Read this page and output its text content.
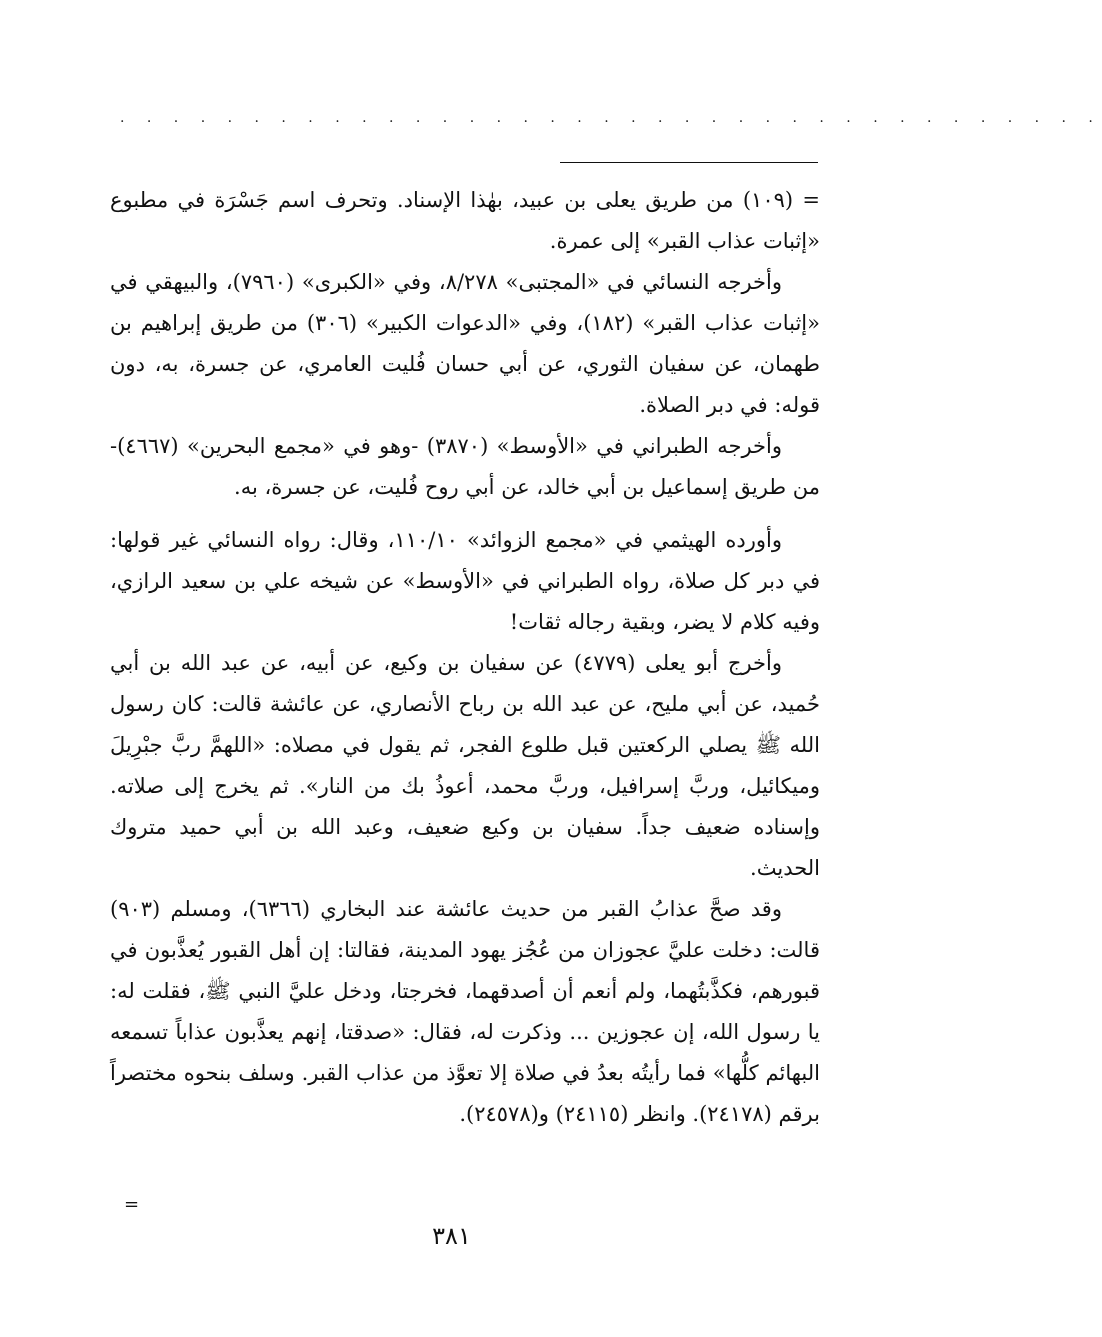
. . . . . . . . . . . . . . . . . . . . . . . . . . . . . . . . . . . . .

= (١٠٩) من طريق يعلى بن عبيد، بهٰذا الإسناد. وتحرف اسم جَسْرَة في مطبوع «إثبات عذاب القبر» إلى عمرة.

وأخرجه النسائي في «المجتبى» ٨/٢٧٨، وفي «الكبرى» (٧٩٦٠)، والبيهقي في «إثبات عذاب القبر» (١٨٢)، وفي «الدعوات الكبير» (٣٠٦) من طريق إبراهيم بن طهمان، عن سفيان الثوري، عن أبي حسان فُليت العامري، عن جسرة، به، دون قوله: في دبر الصلاة.

وأخرجه الطبراني في «الأوسط» (٣٨٧٠) -وهو في «مجمع البحرين» (٤٦٦٧)- من طريق إسماعيل بن أبي خالد، عن أبي روح فُليت، عن جسرة، به.

وأورده الهيثمي في «مجمع الزوائد» ١١٠/١٠، وقال: رواه النسائي غير قولها: في دبر كل صلاة، رواه الطبراني في «الأوسط» عن شيخه علي بن سعيد الرازي، وفيه كلام لا يضر، وبقية رجاله ثقات!

وأخرج أبو يعلى (٤٧٧٩) عن سفيان بن وكيع، عن أبيه، عن عبد الله بن أبي حُميد، عن أبي مليح، عن عبد الله بن رباح الأنصاري، عن عائشة قالت: كان رسول الله ﷺ يصلي الركعتين قبل طلوع الفجر، ثم يقول في مصلاه: «اللهمَّ ربَّ جبْرِيلَ وميكائيل، وربَّ إسرافيل، وربَّ محمد، أعوذُ بك من النار». ثم يخرج إلى صلاته. وإسناده ضعيف جداً. سفيان بن وكيع ضعيف، وعبد الله بن أبي حميد متروك الحديث.

وقد صحَّ عذابُ القبر من حديث عائشة عند البخاري (٦٣٦٦)، ومسلم (٩٠٣) قالت: دخلت عليَّ عجوزان من عُجُز يهود المدينة، فقالتا: إن أهل القبور يُعذَّبون في قبورهم، فكذَّبتُهما، ولم أنعم أن أصدقهما، فخرجتا، ودخل عليَّ النبي ﷺ، فقلت له: يا رسول الله، إن عجوزين ... وذكرت له، فقال: «صدقتا، إنهم يعذَّبون عذاباً تسمعه البهائم كلُّها» فما رأيتُه بعدُ في صلاة إلا تعوَّذ من عذاب القبر. وسلف بنحوه مختصراً برقم (٢٤١٧٨). وانظر (٢٤١١٥) و(٢٤٥٧٨).

=
٣٨١
